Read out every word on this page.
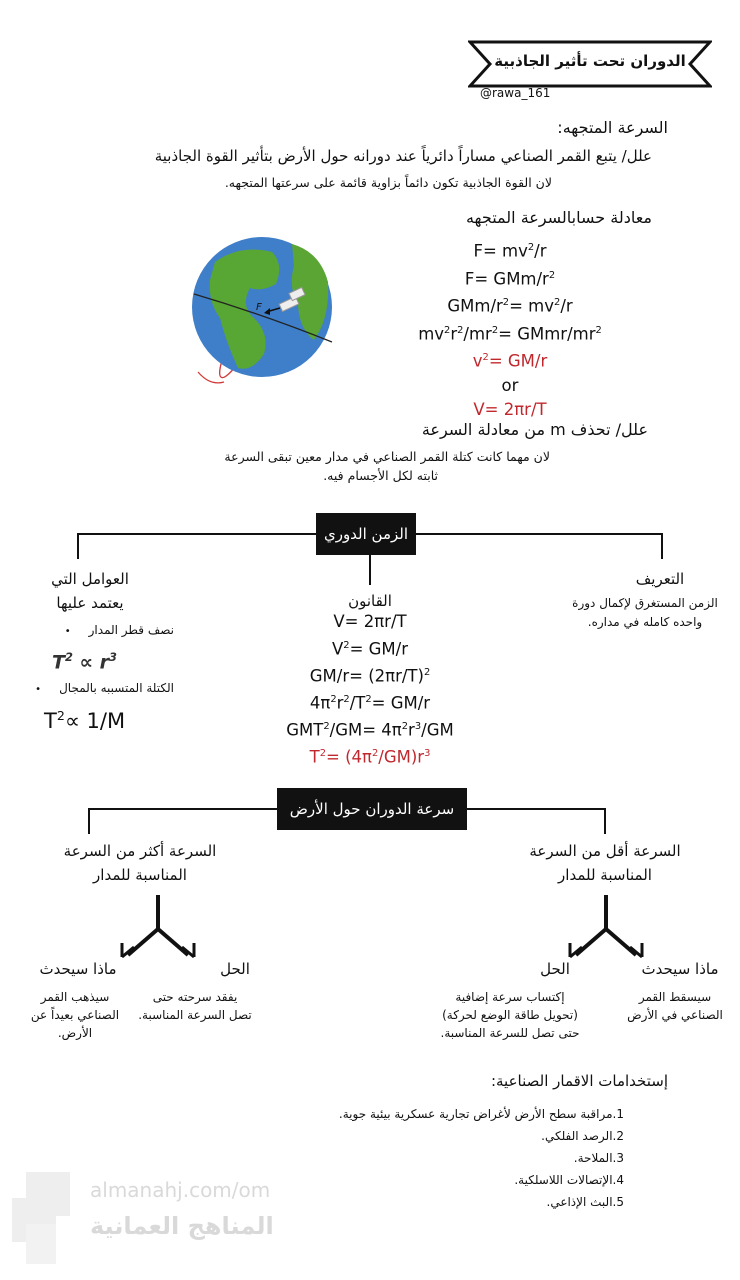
الدوران تحت تأثير الجاذبية
@rawa_161
السرعة المتجهه:
علل/ يتبع القمر الصناعي مساراً دائرياً عند دورانه حول الأرض بتأثير القوة الجاذبية
لان القوة الجاذبية تكون دائماً بزاوية قائمة على سرعتها المتجهه.
F
معادلة حسابالسرعة المتجهه
$F= mv^2/r$
F= GMm/$r^2$
GMm/$r^2= mv^2/r$
$mv^2r^2/mr^2=$ GMmr/$mr^2$
$v^2= GM/r$
or
V= 2πr/T
علل/ تحذف m من معادلة السرعة
لان مهما كانت كتلة القمر الصناعي في مدار معين تبقى السرعة
ثابته لكل الأجسام فيه.
الزمن الدوري
التعريف
الزمن المستغرق لإكمال دورة
واحده كامله في مداره.
القانون
V= 2πr/T
$V^2= GM/r$
$GM/r= (2\pi r/T)^2$
$4\pi^2r^2/T^2= GM/r$
$GMT^2/GM= 4\pi^2r^3/GM$
$T^2= (4\pi^2/GM)r^3$
العوامل التي
يعتمد عليها
نصف قطر المدار •
$T^2 \propto r^3$
الكتلة المتسببه بالمجال •
$T^2\propto 1/M$
سرعة الدوران حول الأرض
السرعة أكثر من السرعة
المناسبة للمدار
السرعة أقل من السرعة
المناسبة للمدار
ماذا سيحدث	الحل	الحل	ماذا سيحدث
سيذهب القمر
الصناعي بعيداً عن
الأرض.
يفقد سرحته حتى
تصل السرعة المناسبة.
إكتساب سرعة إضافية
(تحويل طاقة الوضع لحركة)
حتى تصل للسرعة المناسبة.
سيسقط القمر
الصناعي في الأرض
إستخدامات الاقمار الصناعية:
1.مراقبة سطح الأرض لأغراض تجارية عسكرية بيئية جوية.
2.الرصد الفلكي.
3.الملاحة.
4.الإتصالات اللاسلكية.
5.البث الإذاعي.
almanahj.com/om
المناهج العمانية
